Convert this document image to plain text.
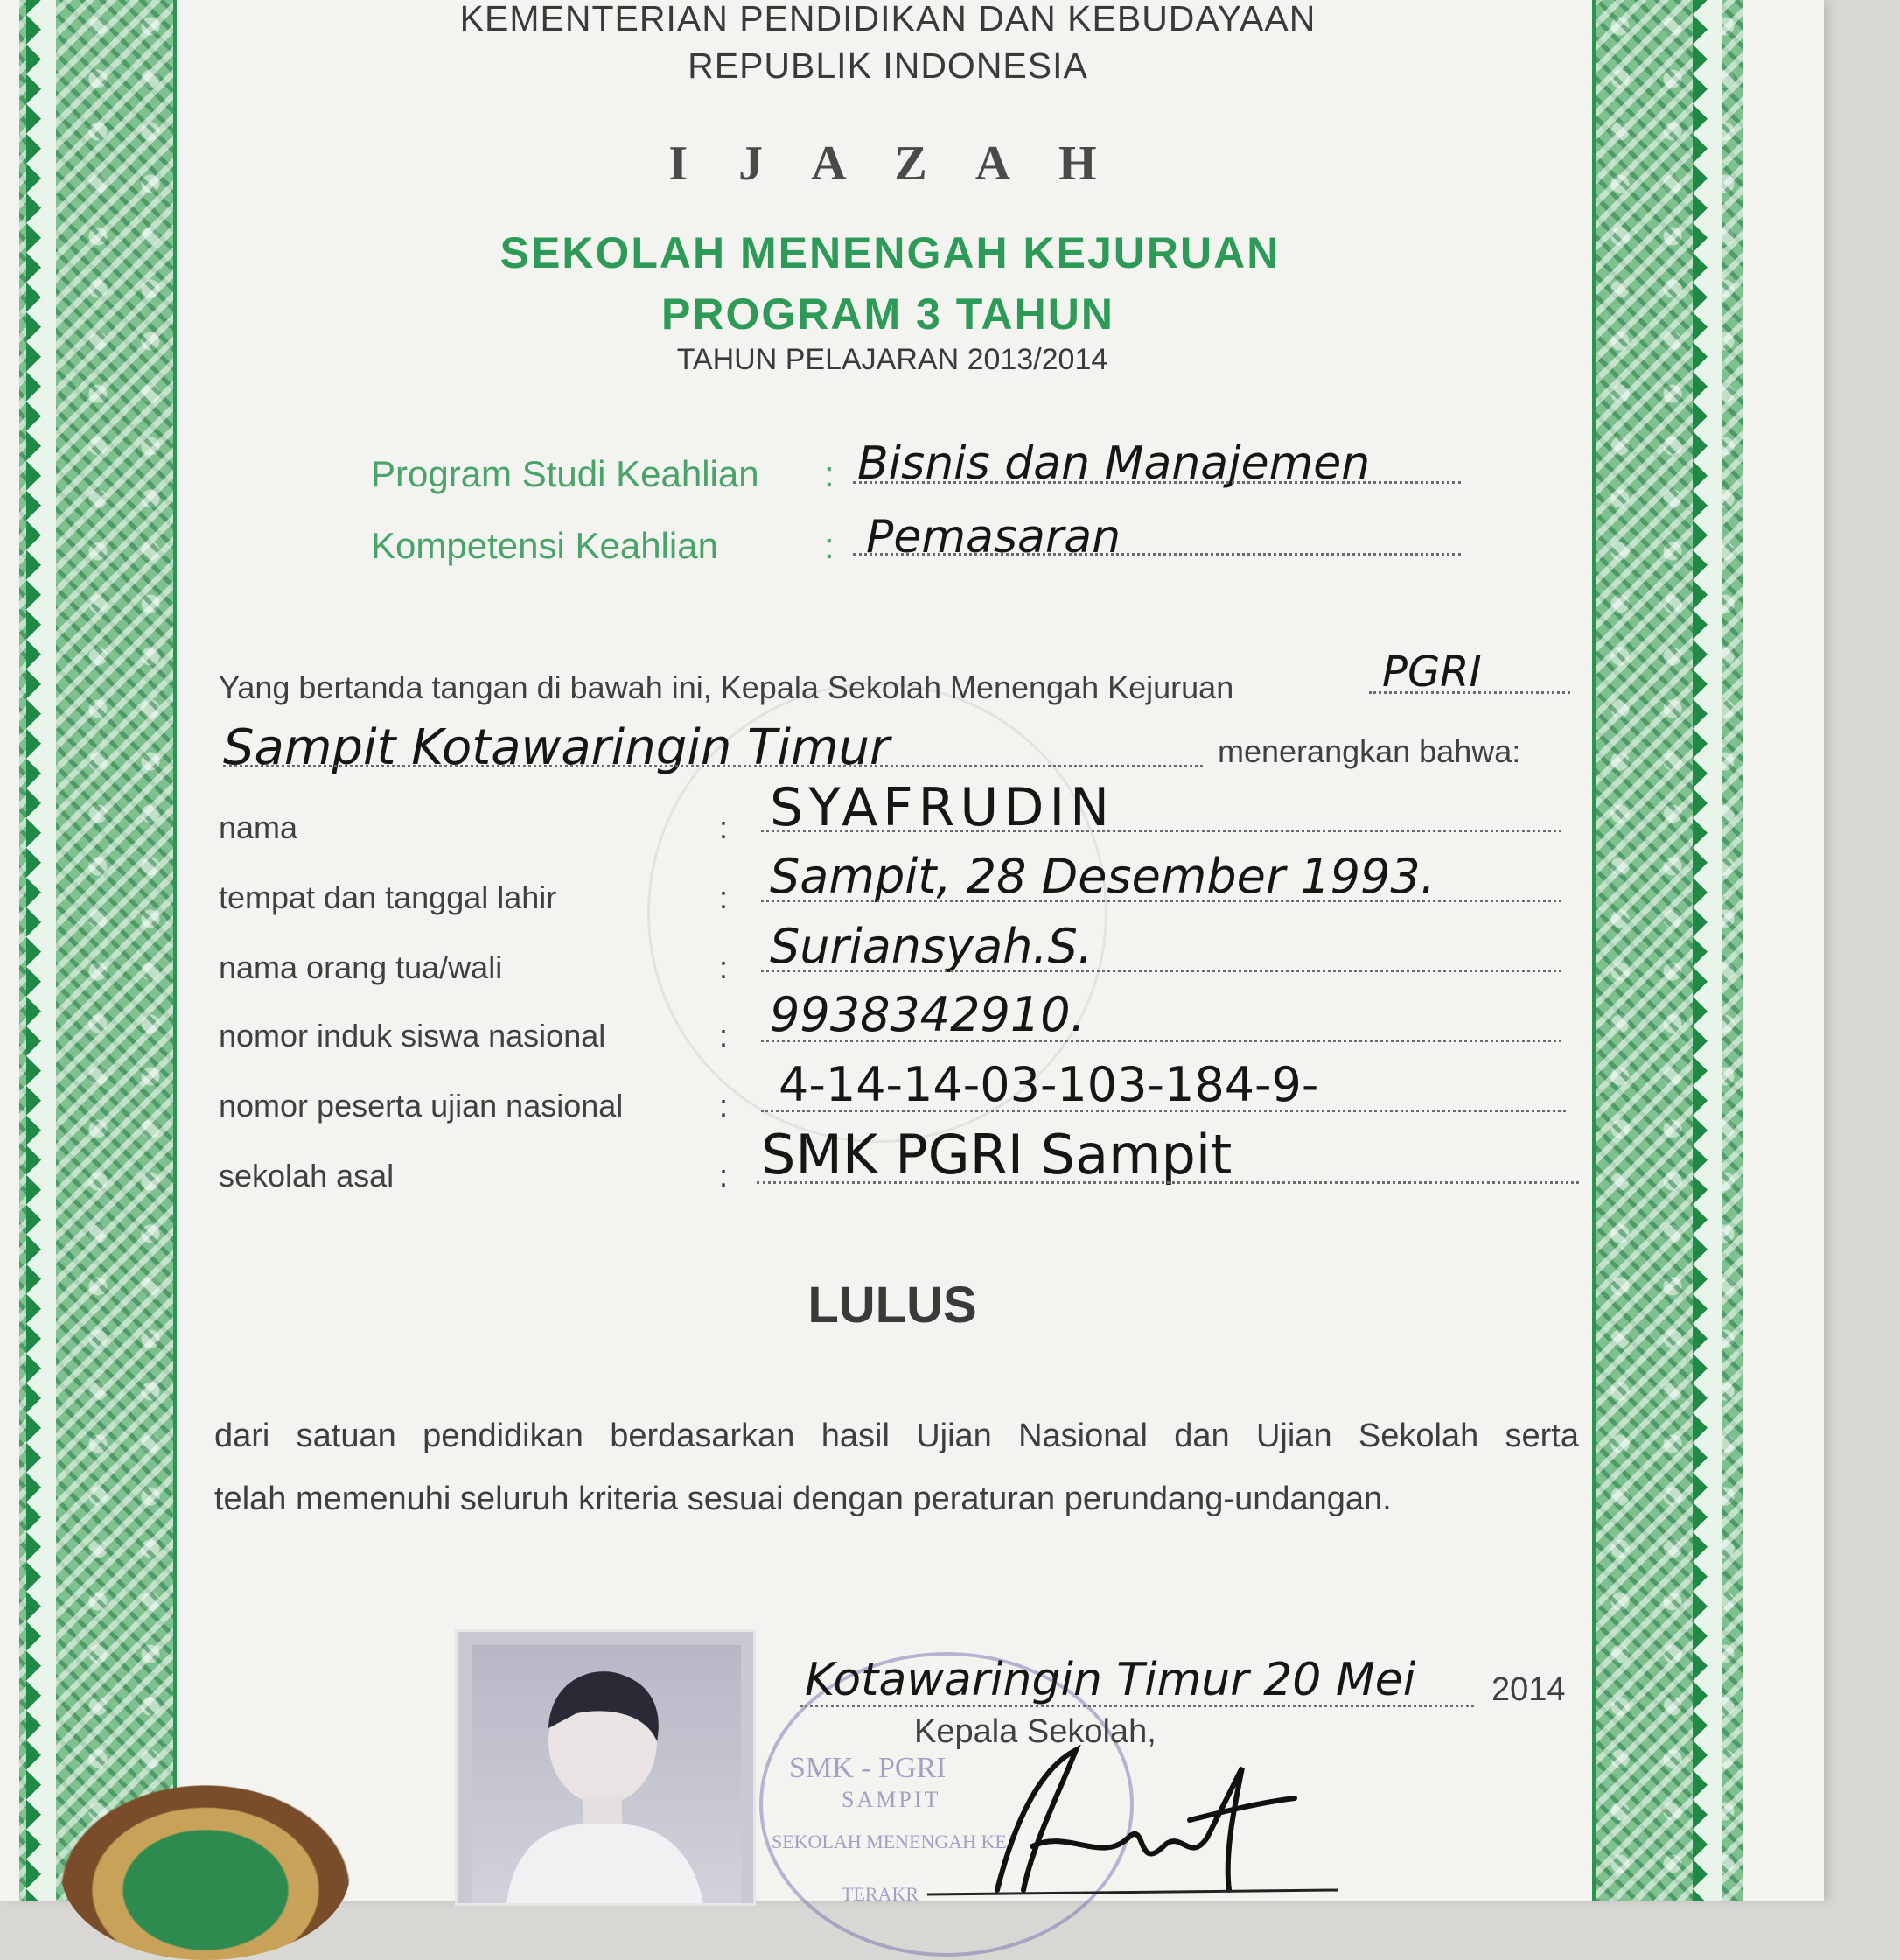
KEMENTERIAN PENDIDIKAN DAN KEBUDAYAAN
REPUBLIK INDONESIA
I J A Z A H
SEKOLAH MENENGAH KEJURUAN
PROGRAM 3 TAHUN
TAHUN PELAJARAN 2013/2014
Program Studi Keahlian : Bisnis dan Manajemen
Kompetensi Keahlian	: Pemasaran
Yang bertanda tangan di bawah ini, Kepala Sekolah Menengah Kejuruan	PGRI
Sampit Kotawaringin Timur	menerangkan bahwa:
nama	: SYAFRUDIN
tempat dan tanggal lahir	: Sampit, 28 Desember 1993.
nama orang tua/wali	: Suriansyah.S.
nomor induk siswa nasional	: 9938342910.
nomor peserta ujian nasional	: 4-14-14-03-103-184-9-
sekolah asal	: SMK PGRI Sampit
LULUS
dari satuan pendidikan berdasarkan hasil Ujian Nasional dan Ujian Sekolah serta
telah memenuhi seluruh kriteria sesuai dengan peraturan perundang-undangan.
SMK - PGRI
SAMPIT
SEKOLAH MENENGAH KEJ
TERAKR
Kotawaringin Timur 20 Mei 2014
Kepala Sekolah,
